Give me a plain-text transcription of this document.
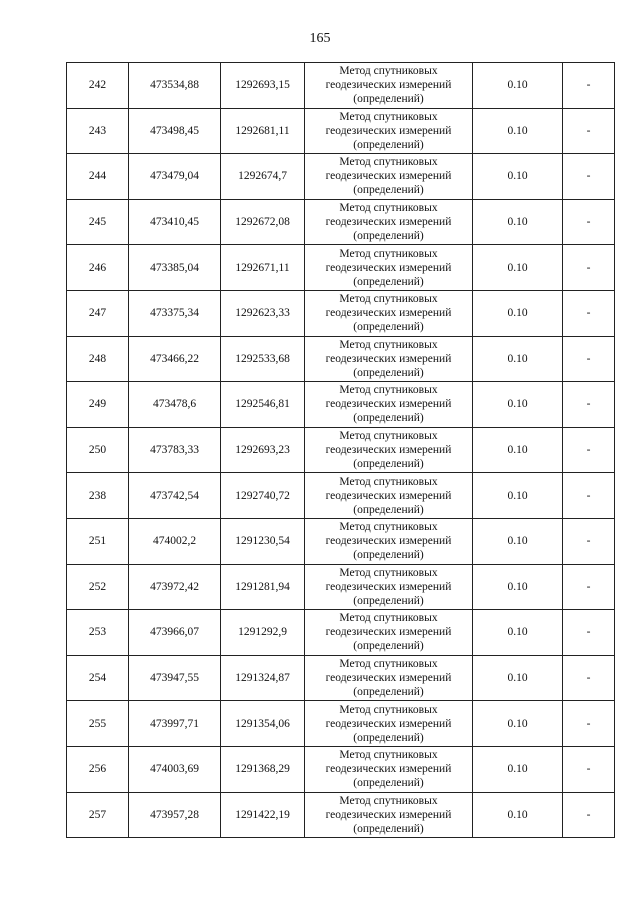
165
242	473534,88	1292693,15	Метод спутниковых геодезических измерений (определений)	0.10	-
243	473498,45	1292681,11	Метод спутниковых геодезических измерений (определений)	0.10	-
244	473479,04	1292674,7	Метод спутниковых геодезических измерений (определений)	0.10	-
245	473410,45	1292672,08	Метод спутниковых геодезических измерений (определений)	0.10	-
246	473385,04	1292671,11	Метод спутниковых геодезических измерений (определений)	0.10	-
247	473375,34	1292623,33	Метод спутниковых геодезических измерений (определений)	0.10	-
248	473466,22	1292533,68	Метод спутниковых геодезических измерений (определений)	0.10	-
249	473478,6	1292546,81	Метод спутниковых геодезических измерений (определений)	0.10	-
250	473783,33	1292693,23	Метод спутниковых геодезических измерений (определений)	0.10	-
238	473742,54	1292740,72	Метод спутниковых геодезических измерений (определений)	0.10	-
251	474002,2	1291230,54	Метод спутниковых геодезических измерений (определений)	0.10	-
252	473972,42	1291281,94	Метод спутниковых геодезических измерений (определений)	0.10	-
253	473966,07	1291292,9	Метод спутниковых геодезических измерений (определений)	0.10	-
254	473947,55	1291324,87	Метод спутниковых геодезических измерений (определений)	0.10	-
255	473997,71	1291354,06	Метод спутниковых геодезических измерений (определений)	0.10	-
256	474003,69	1291368,29	Метод спутниковых геодезических измерений (определений)	0.10	-
257	473957,28	1291422,19	Метод спутниковых геодезических измерений (определений)	0.10	-
